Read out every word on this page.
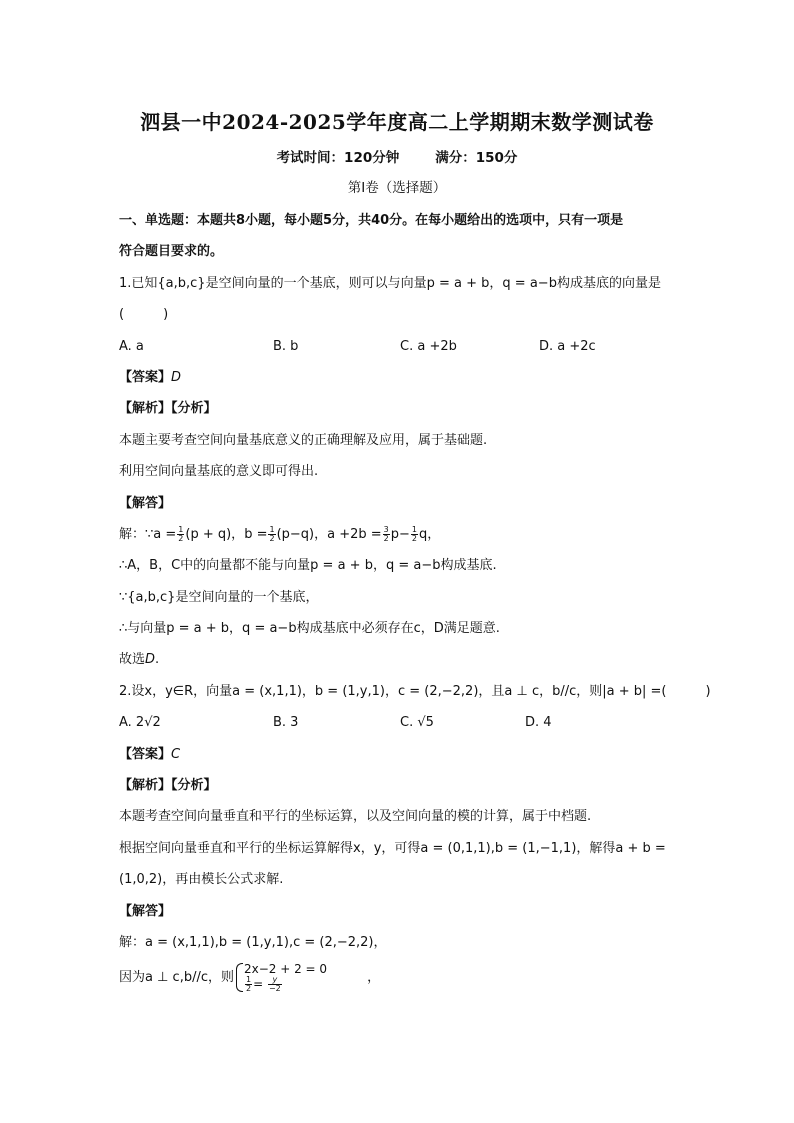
泗县一中2024-2025学年度高二上学期期末数学测试卷
考试时间：120分钟	满分：150分
第Ⅰ卷（选择题）
一、单选题：本题共8小题，每小题5分，共40分。在每小题给出的选项中，只有一项是
符合题目要求的。
1.已知{a,b,c}是空间向量的一个基底，则可以与向量p = a + b，q = a−b构成基底的向量是
(　　　)
A. a	B. b	C. a +2b	D. a +2c
【答案】D
【解析】【分析】
本题主要考查空间向量基底意义的正确理解及应用，属于基础题.
利用空间向量基底的意义即可得出.
【解答】
解：∵a = $\frac{1}{2} (p + q)$，$b = \frac{1}{2} (p-q)$，$a +2b = \frac{3}{2} p- \frac{1}{2}$ q，
∴A，B，C中的向量都不能与向量p = a + b，q = a−b构成基底.
∵{a,b,c}是空间向量的一个基底，
∴与向量p = a + b，q = a−b构成基底中必须存在c，D满足题意.
故选D.
2.设x，y∈R，向量a = (x,1,1)，b = (1,y,1)，c = (2,−2,2)，且a ⊥ c，b//c，则|a + b| =(　　　)
A. 2√2	B. 3	C. √5	D. 4
【答案】C
【解析】【分析】
本题考查空间向量垂直和平行的坐标运算，以及空间向量的模的计算，属于中档题.
根据空间向量垂直和平行的坐标运算解得x，y，可得a = (0,1,1),b = (1,−1,1)，解得a + b =
(1,0,2)，再由模长公式求解.
【解答】
解：a = (x,1,1),b = (1,y,1),c = (2,−2,2)，
因为a ⊥ c,b//c，则
2x−2 + 2 = 0
$\frac{1}{2} = \frac{y}{-2}$	，
